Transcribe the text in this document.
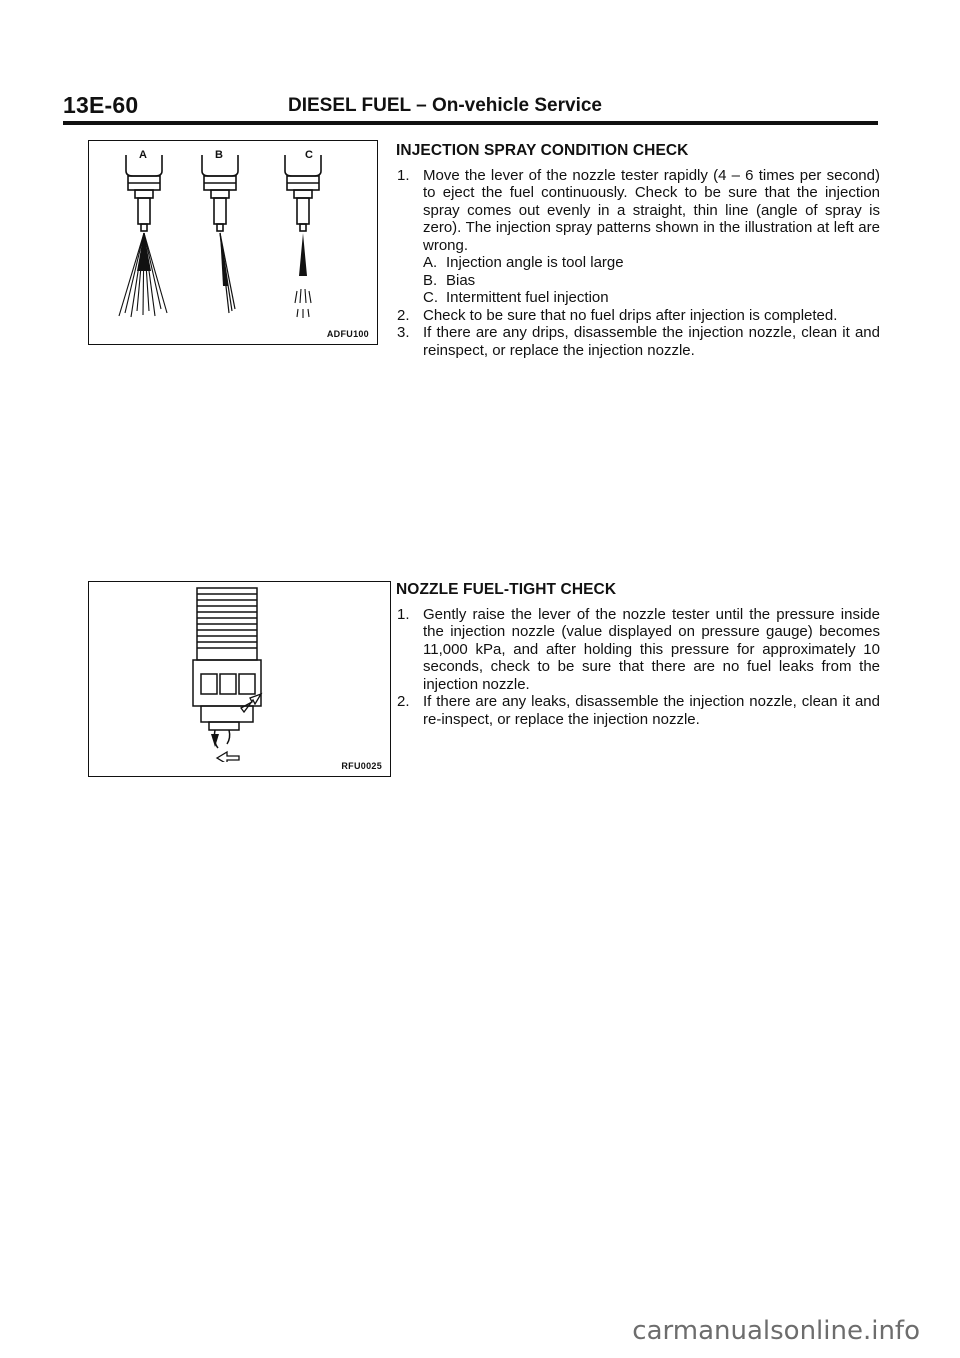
13E-60	DIESEL FUEL – On-vehicle Service
A	B	C
ADFU100
RFU0025
INJECTION SPRAY CONDITION CHECK
1. Move the lever of the nozzle tester rapidly (4 – 6 times per second) to eject the fuel continuously. Check to be sure that the injection spray comes out evenly in a straight, thin line (angle of spray is zero). The injection spray patterns shown in the illustration at left are wrong.
A. Injection angle is tool large
B. Bias
C. Intermittent fuel injection
2. Check to be sure that no fuel drips after injection is completed.
3. If there are any drips, disassemble the injection nozzle, clean it and reinspect, or replace the injection nozzle.
NOZZLE FUEL-TIGHT CHECK
1. Gently raise the lever of the nozzle tester until the pressure inside the injection nozzle (value displayed on pressure gauge) becomes 11,000 kPa, and after holding this pressure for approximately 10 seconds, check to be sure that there are no fuel leaks from the injection nozzle.
2. If there are any leaks, disassemble the injection nozzle, clean it and re-inspect, or replace the injection nozzle.
carmanualsonline.info
